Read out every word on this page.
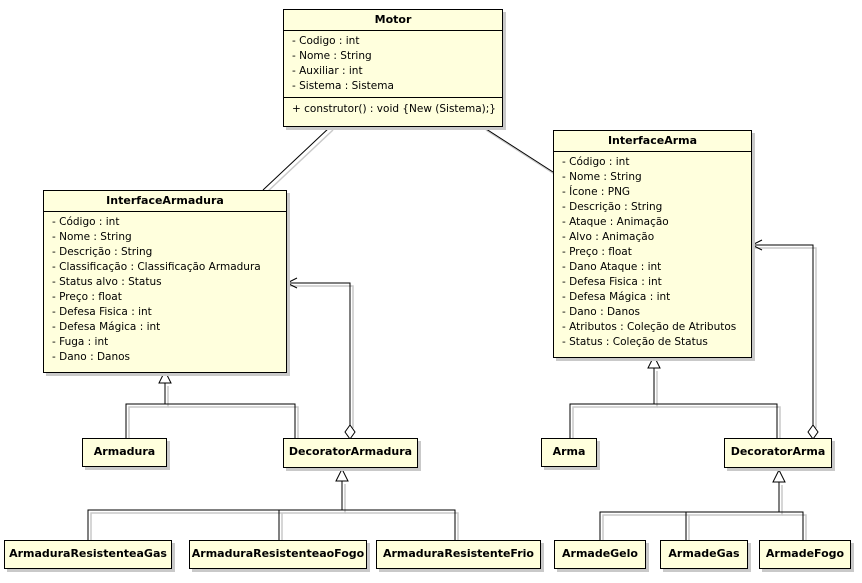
Motor
- Codigo : int
- Nome : String
- Auxiliar : int
- Sistema : Sistema
+ construtor() : void {New (Sistema);}
InterfaceArmadura
- Código : int
- Nome : String
- Descrição : String
- Classificação : Classificação Armadura
- Status alvo : Status
- Preço : float
- Defesa Fisica : int
- Defesa Mágica : int
- Fuga : int
- Dano : Danos
InterfaceArma
- Código : int
- Nome : String
- Ícone : PNG
- Descrição : String
- Ataque : Animação
- Alvo : Animação
- Preço : float
- Dano Ataque : int
- Defesa Fisica : int
- Defesa Mágica : int
- Dano : Danos
- Atributos : Coleção de Atributos
- Status : Coleção de Status
Armadura	DecoratorArmadura
ArmaduraResistenteaGas	ArmaduraResistenteaoFogo	ArmaduraResistenteFrio
Arma	DecoratorArma
ArmadeGelo	ArmadeGas	ArmadeFogo
